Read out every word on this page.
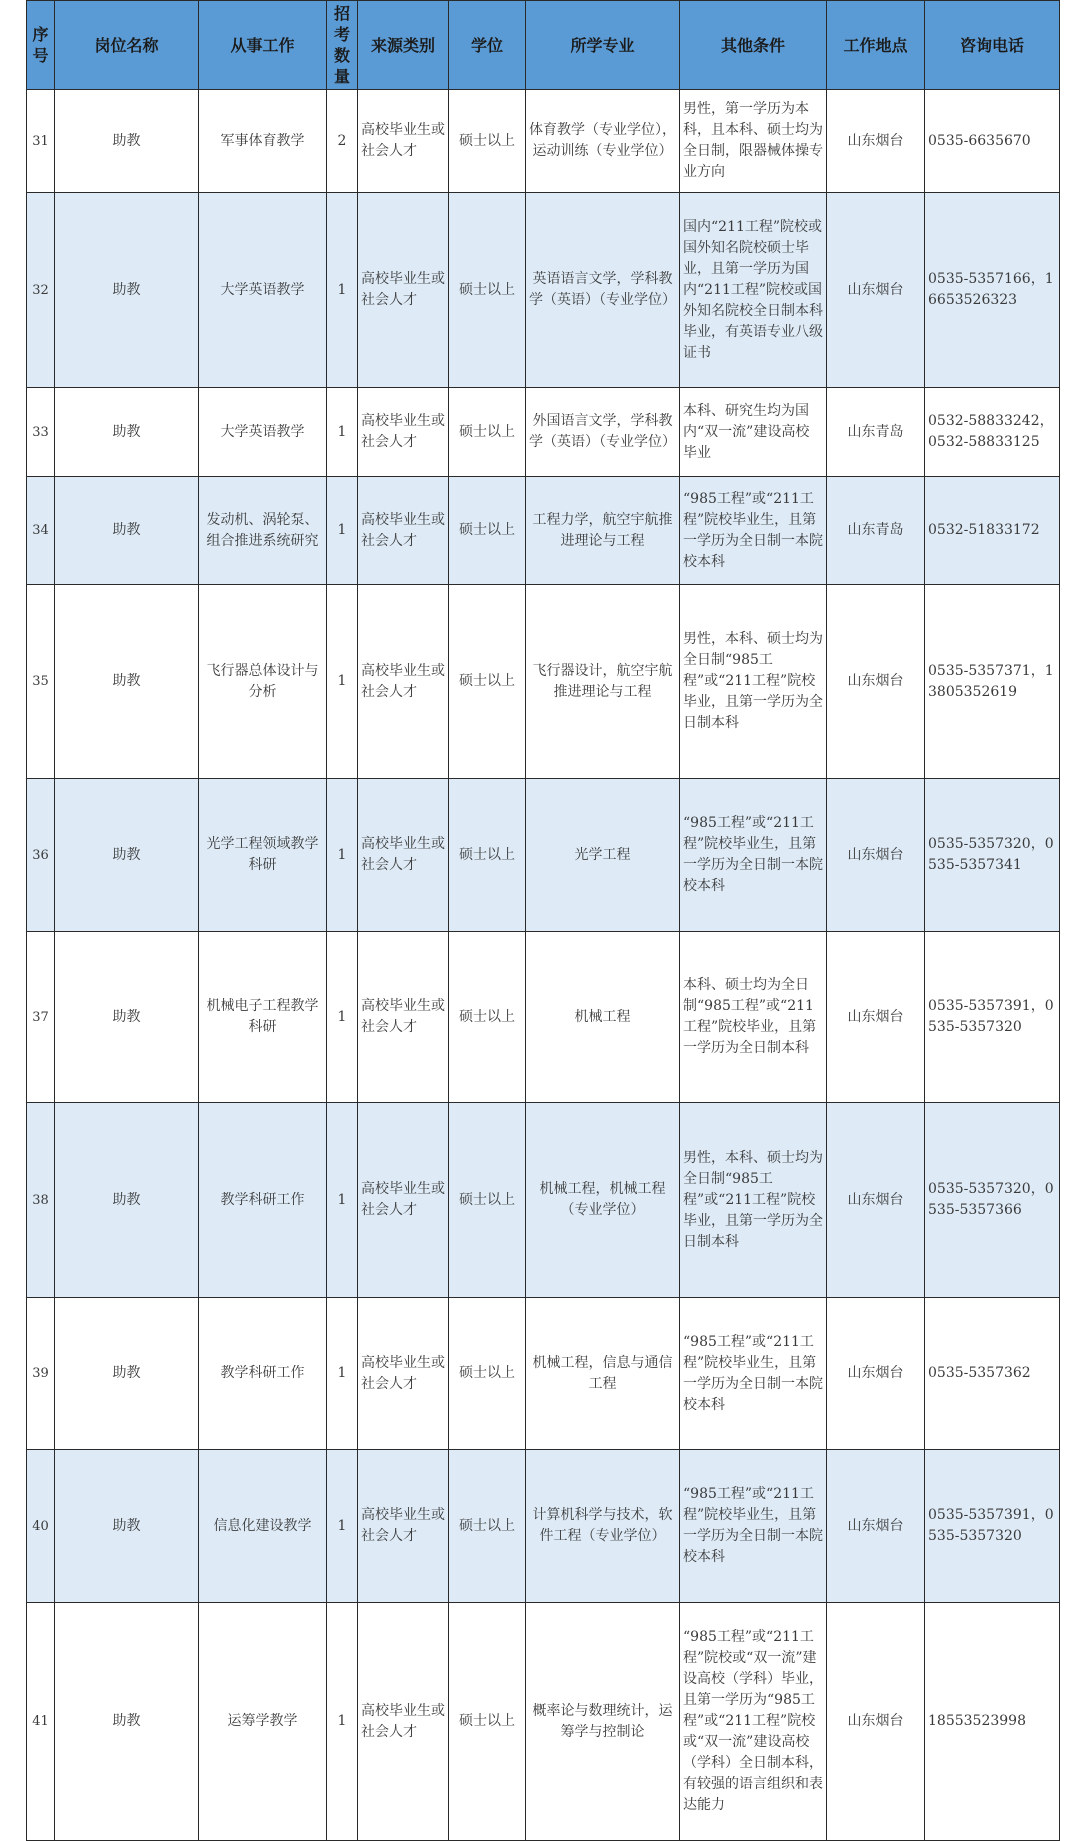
序号	岗位名称	从事工作	招考数量	来源类别	学位	所学专业	其他条件	工作地点	咨询电话
31	助教	军事体育教学	2	高校毕业生或社会人才	硕士以上	体育教学（专业学位），运动训练（专业学位）	男性，第一学历为本科，且本科、硕士均为全日制，限器械体操专业方向	山东烟台	0535-6635670
32	助教	大学英语教学	1	高校毕业生或社会人才	硕士以上	英语语言文学，学科教学（英语）（专业学位）	国内“211工程”院校或国外知名院校硕士毕业，且第一学历为国内“211工程”院校或国外知名院校全日制本科毕业，有英语专业八级证书	山东烟台	0535-5357166，16653526323
33	助教	大学英语教学	1	高校毕业生或社会人才	硕士以上	外国语言文学，学科教学（英语）（专业学位）	本科、研究生均为国内“双一流”建设高校毕业	山东青岛	0532-58833242，0532-58833125
34	助教	发动机、涡轮泵、组合推进系统研究	1	高校毕业生或社会人才	硕士以上	工程力学，航空宇航推进理论与工程	“985工程”或“211工程”院校毕业生，且第一学历为全日制一本院校本科	山东青岛	0532-51833172
35	助教	飞行器总体设计与分析	1	高校毕业生或社会人才	硕士以上	飞行器设计，航空宇航推进理论与工程	男性，本科、硕士均为全日制“985工程”或“211工程”院校毕业，且第一学历为全日制本科	山东烟台	0535-5357371，13805352619
36	助教	光学工程领域教学科研	1	高校毕业生或社会人才	硕士以上	光学工程	“985工程”或“211工程”院校毕业生，且第一学历为全日制一本院校本科	山东烟台	0535-5357320，0535-5357341
37	助教	机械电子工程教学科研	1	高校毕业生或社会人才	硕士以上	机械工程	本科、硕士均为全日制“985工程”或“211工程”院校毕业，且第一学历为全日制本科	山东烟台	0535-5357391，0535-5357320
38	助教	教学科研工作	1	高校毕业生或社会人才	硕士以上	机械工程，机械工程（专业学位）	男性，本科、硕士均为全日制“985工程”或“211工程”院校毕业，且第一学历为全日制本科	山东烟台	0535-5357320，0535-5357366
39	助教	教学科研工作	1	高校毕业生或社会人才	硕士以上	机械工程，信息与通信工程	“985工程”或“211工程”院校毕业生，且第一学历为全日制一本院校本科	山东烟台	0535-5357362
40	助教	信息化建设教学	1	高校毕业生或社会人才	硕士以上	计算机科学与技术，软件工程（专业学位）	“985工程”或“211工程”院校毕业生，且第一学历为全日制一本院校本科	山东烟台	0535-5357391，0535-5357320
41	助教	运筹学教学	1	高校毕业生或社会人才	硕士以上	概率论与数理统计，运筹学与控制论	“985工程”或“211工程”院校或“双一流”建设高校（学科）毕业，且第一学历为“985工程”或“211工程”院校或“双一流”建设高校（学科）全日制本科，有较强的语言组织和表达能力	山东烟台	18553523998
